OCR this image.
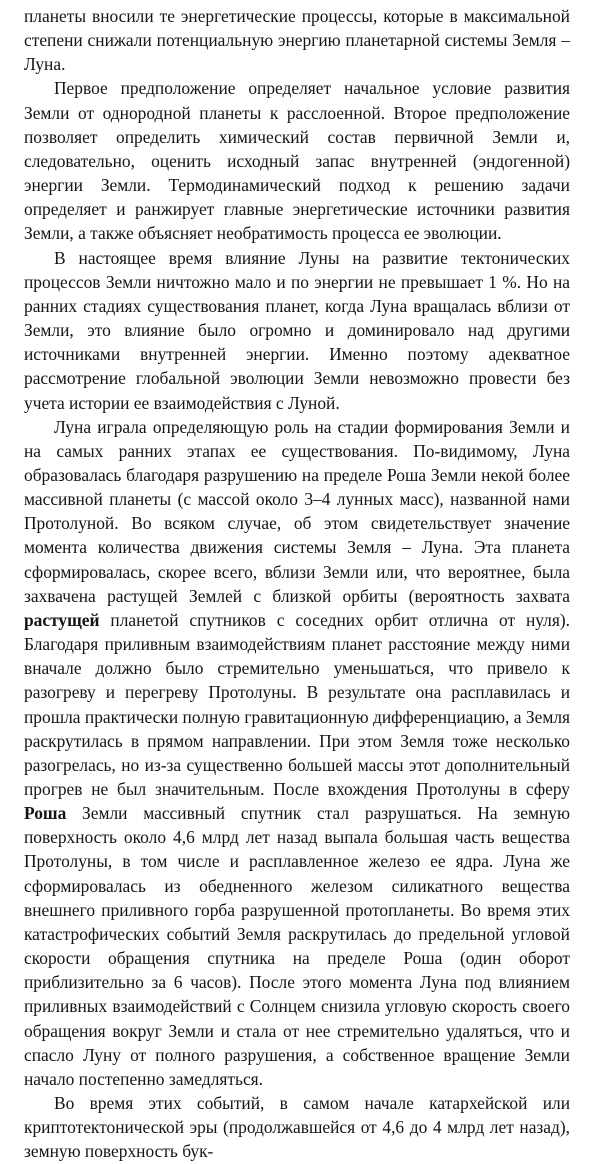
планеты вносили те энергетические процессы, которые в максимальной степени снижали потенциальную энергию планетарной системы Земля – Луна.

Первое предположение определяет начальное условие развития Земли от однородной планеты к расслоенной. Второе предположение позволяет определить химический состав первичной Земли и, следовательно, оценить исходный запас внутренней (эндогенной) энергии Земли. Термодинамический подход к решению задачи определяет и ранжирует главные энергетические источники развития Земли, а также объясняет необратимость процесса ее эволюции.

В настоящее время влияние Луны на развитие тектонических процессов Земли ничтожно мало и по энергии не превышает 1 %. Но на ранних стадиях существования планет, когда Луна вращалась вблизи от Земли, это влияние было огромно и доминировало над другими источниками внутренней энергии. Именно поэтому адекватное рассмотрение глобальной эволюции Земли невозможно провести без учета истории ее взаимодействия с Луной.

Луна играла определяющую роль на стадии формирования Земли и на самых ранних этапах ее существования. По-видимому, Луна образовалась благодаря разрушению на пределе Роша Земли некой более массивной планеты (с массой около 3–4 лунных масс), названной нами Протолуной. Во всяком случае, об этом свидетельствует значение момента количества движения системы Земля – Луна. Эта планета сформировалась, скорее всего, вблизи Земли или, что вероятнее, была захвачена растущей Землей с близкой орбиты (вероятность захвата растущей планетой спутников с соседних орбит отлична от нуля). Благодаря приливным взаимодействиям планет расстояние между ними вначале должно было стремительно уменьшаться, что привело к разогреву и перегреву Протолуны. В результате она расплавилась и прошла практически полную гравитационную дифференциацию, а Земля раскрутилась в прямом направлении. При этом Земля тоже несколько разогрелась, но из-за существенно большей массы этот дополнительный прогрев не был значительным. После вхождения Протолуны в сферу Роша Земли массивный спутник стал разрушаться. На земную поверхность около 4,6 млрд лет назад выпала большая часть вещества Протолуны, в том числе и расплавленное железо ее ядра. Луна же сформировалась из обедненного железом силикатного вещества внешнего приливного горба разрушенной протопланеты. Во время этих катастрофических событий Земля раскрутилась до предельной угловой скорости обращения спутника на пределе Роша (один оборот приблизительно за 6 часов). После этого момента Луна под влиянием приливных взаимодействий с Солнцем снизила угловую скорость своего обращения вокруг Земли и стала от нее стремительно удаляться, что и спасло Луну от полного разрушения, а собственное вращение Земли начало постепенно замедляться.

Во время этих событий, в самом начале катархейской или криптотектонической эры (продолжавшейся от 4,6 до 4 млрд лет назад), земную поверхность бук-
